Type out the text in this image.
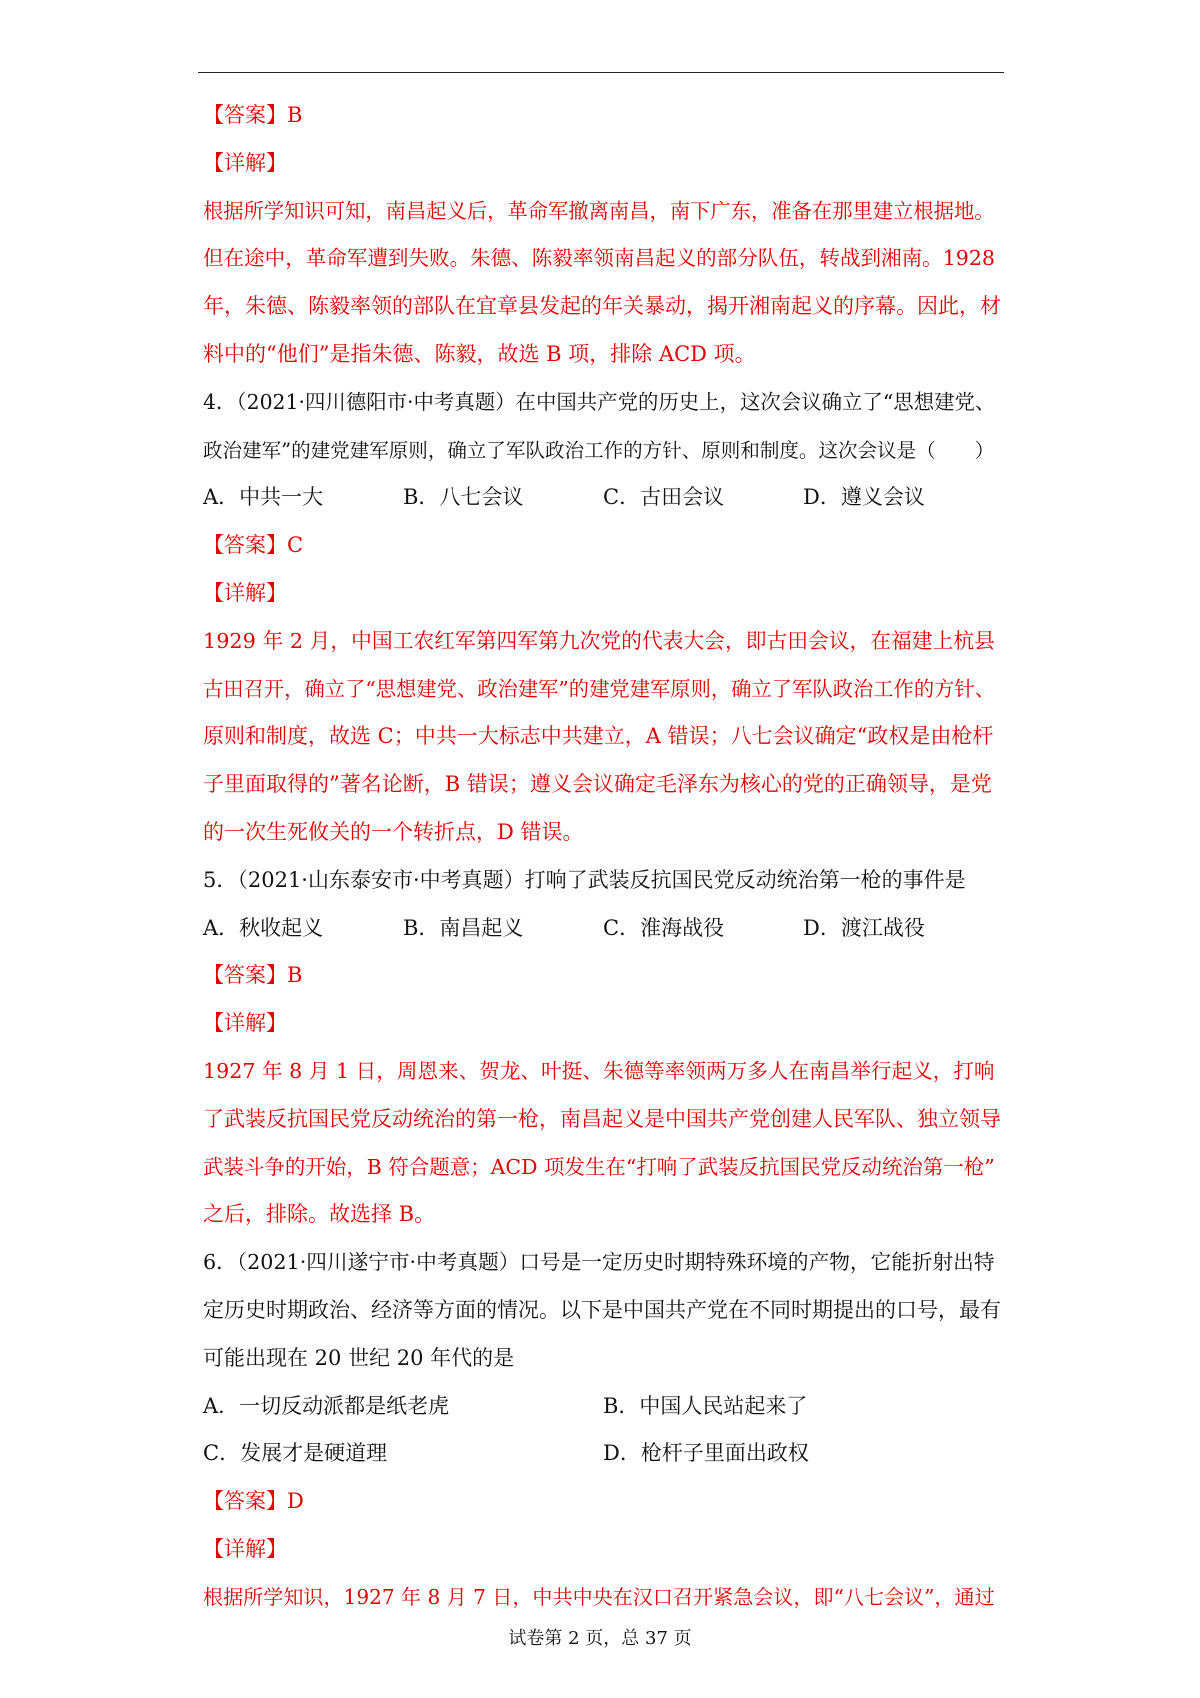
【答案】B
【详解】
根据所学知识可知，南昌起义后，革命军撤离南昌，南下广东，准备在那里建立根据地。
但在途中，革命军遭到失败。朱德、陈毅率领南昌起义的部分队伍，转战到湘南。1928
年，朱德、陈毅率领的部队在宜章县发起的年关暴动，揭开湘南起义的序幕。因此，材
料中的“他们”是指朱德、陈毅，故选 B 项，排除 ACD 项。
4．（2021·四川德阳市·中考真题）在中国共产党的历史上，这次会议确立了“思想建党、
政治建军”的建党建军原则，确立了军队政治工作的方针、原则和制度。这次会议是（　　）
A．中共一大	B．八七会议	C．古田会议	D．遵义会议
【答案】C
【详解】
1929 年 2 月，中国工农红军第四军第九次党的代表大会，即古田会议，在福建上杭县
古田召开，确立了“思想建党、政治建军”的建党建军原则，确立了军队政治工作的方针、
原则和制度，故选 C；中共一大标志中共建立，A 错误；八七会议确定“政权是由枪杆
子里面取得的”著名论断，B 错误；遵义会议确定毛泽东为核心的党的正确领导，是党
的一次生死攸关的一个转折点，D 错误。
5．（2021·山东泰安市·中考真题）打响了武装反抗国民党反动统治第一枪的事件是
A．秋收起义	B．南昌起义	C．淮海战役	D．渡江战役
【答案】B
【详解】
1927 年 8 月 1 日，周恩来、贺龙、叶挺、朱德等率领两万多人在南昌举行起义，打响
了武装反抗国民党反动统治的第一枪，南昌起义是中国共产党创建人民军队、独立领导
武装斗争的开始，B 符合题意；ACD 项发生在“打响了武装反抗国民党反动统治第一枪”
之后，排除。故选择 B。
6．（2021·四川遂宁市·中考真题）口号是一定历史时期特殊环境的产物，它能折射出特
定历史时期政治、经济等方面的情况。以下是中国共产党在不同时期提出的口号，最有
可能出现在 20 世纪 20 年代的是
A．一切反动派都是纸老虎	B．中国人民站起来了
C．发展才是硬道理	D．枪杆子里面出政权
【答案】D
【详解】
根据所学知识，1927 年 8 月 7 日，中共中央在汉口召开紧急会议，即“八七会议”，通过
试卷第 2 页，总 37 页
